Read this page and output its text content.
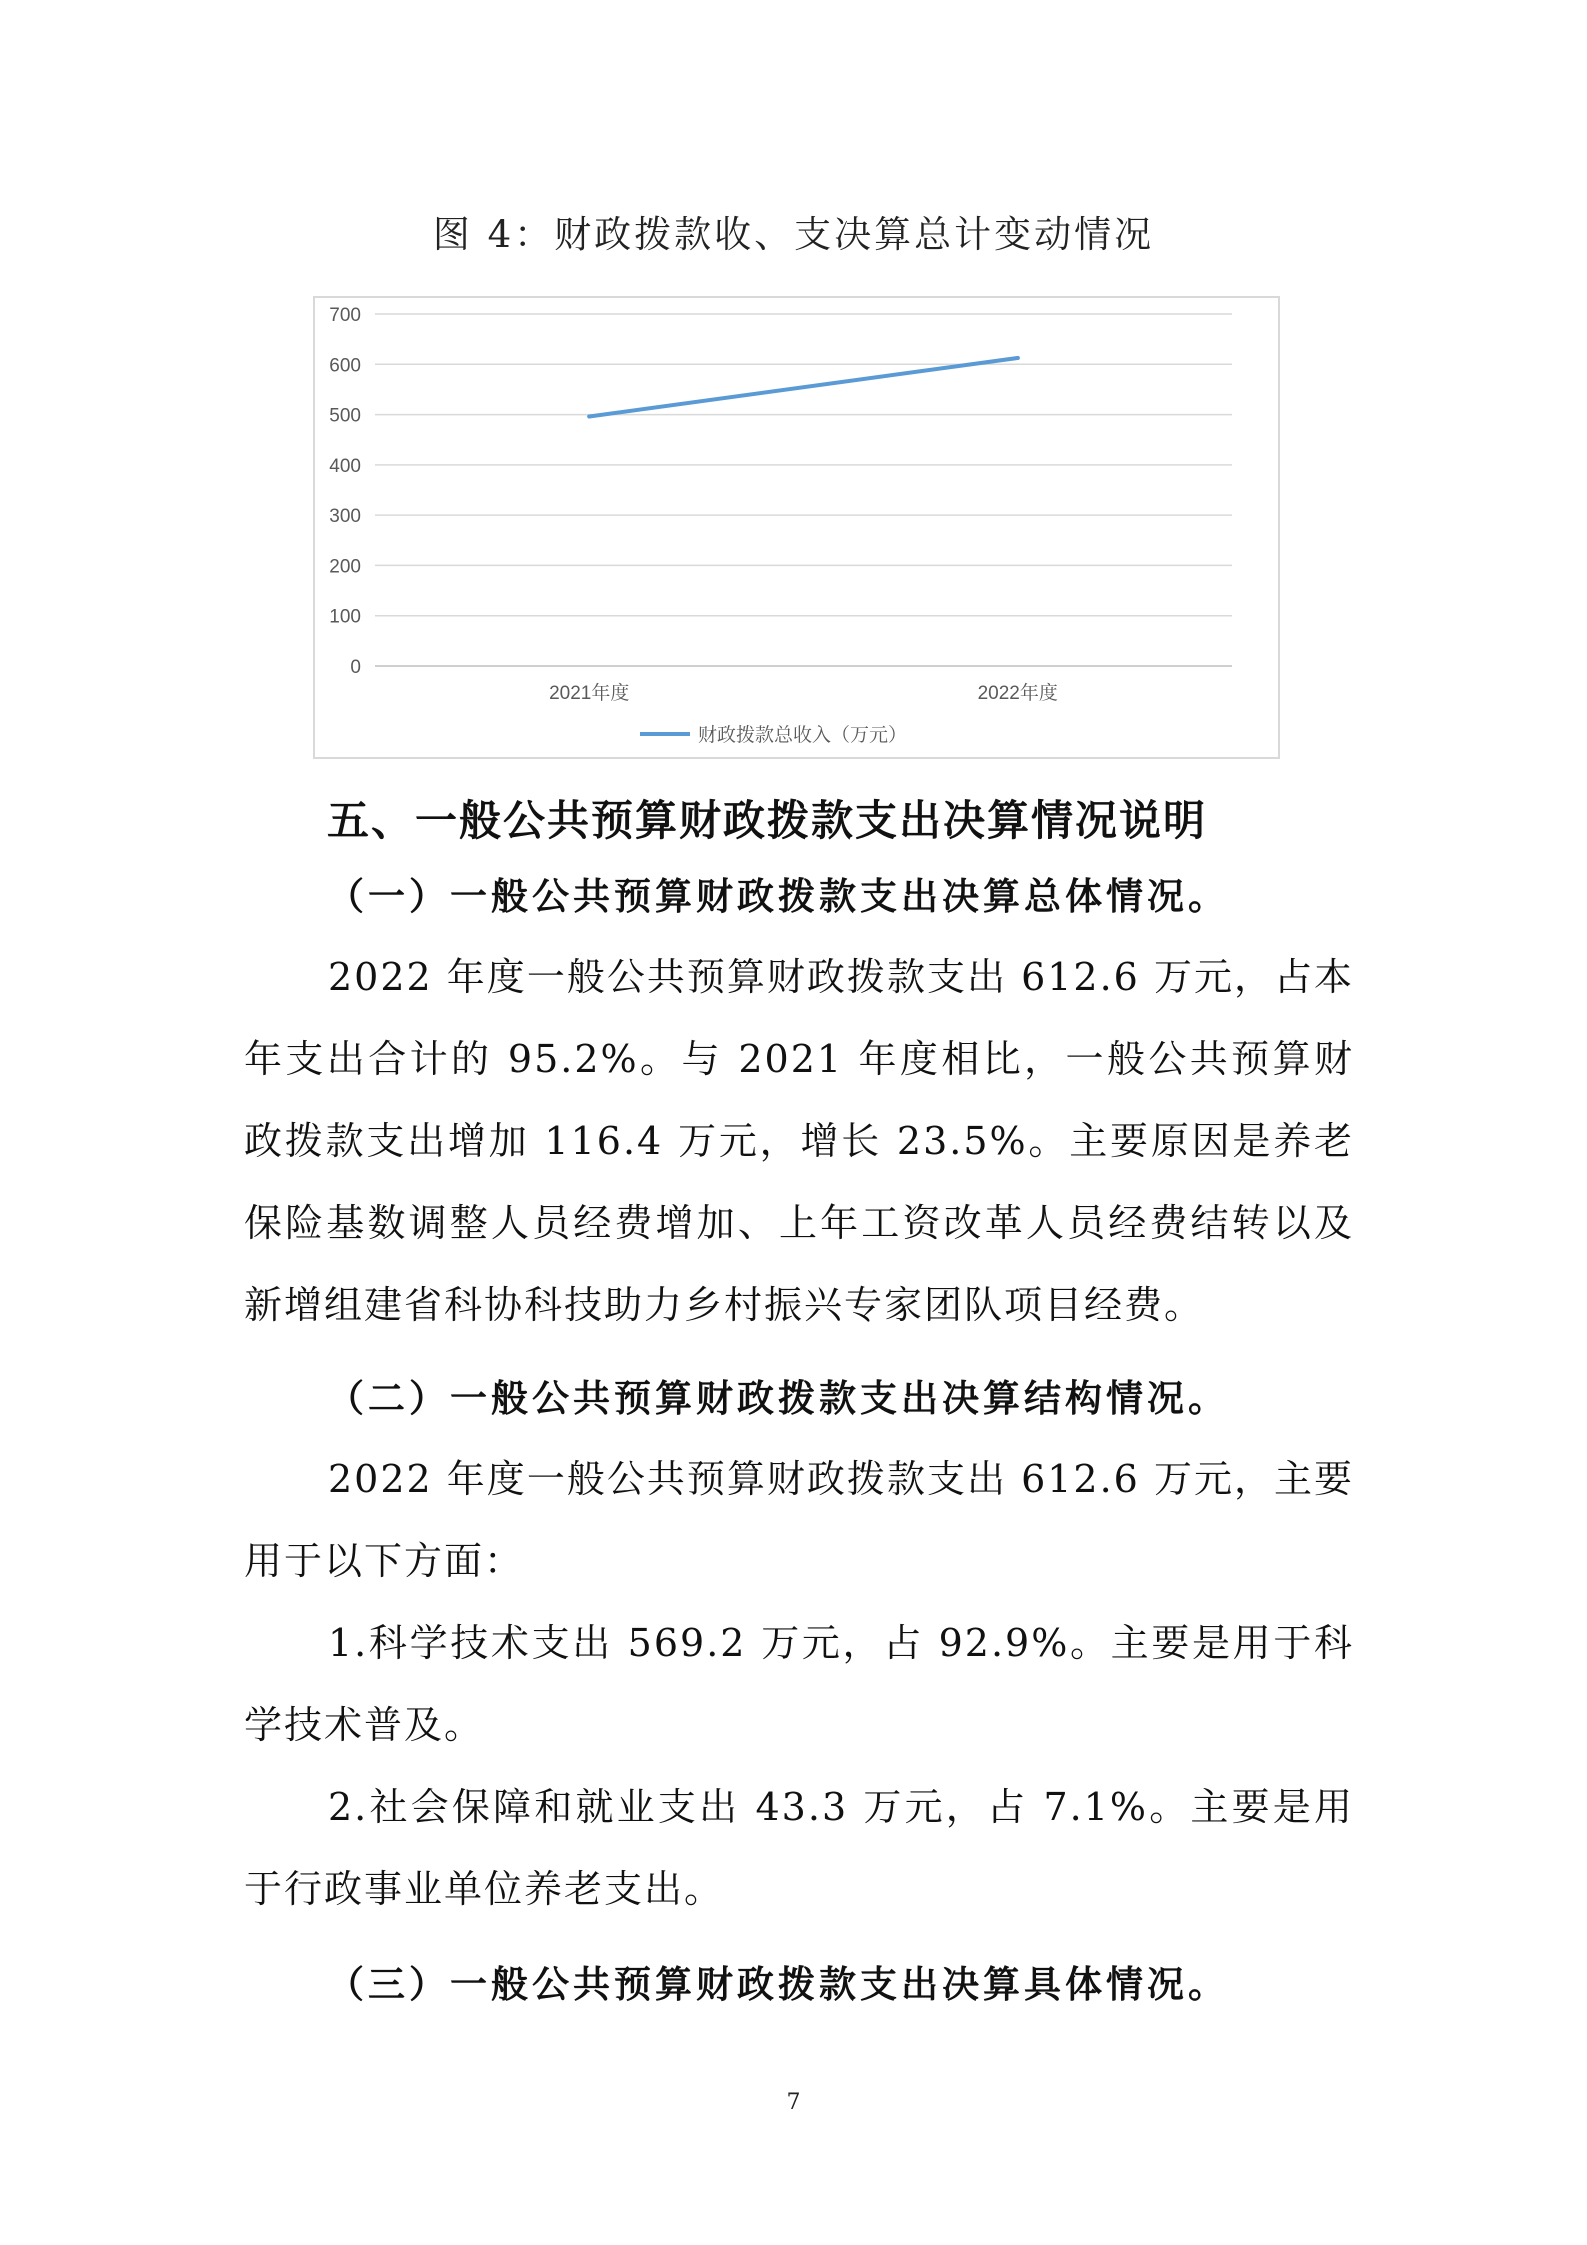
图 4：财政拨款收、支决算总计变动情况
0
100
200
300
400
500
600
700
2021年度	2022年度
财政拨款总收入（万元）
五、一般公共预算财政拨款支出决算情况说明
（一）一般公共预算财政拨款支出决算总体情况。

2022 年度一般公共预算财政拨款支出 612.6 万元，占本年支出合计的 95.2%。与 2021 年度相比，一般公共预算财政拨款支出增加 116.4 万元，增长 23.5%。主要原因是养老保险基数调整人员经费增加、上年工资改革人员经费结转以及新增组建省科协科技助力乡村振兴专家团队项目经费。

（二）一般公共预算财政拨款支出决算结构情况。

2022 年度一般公共预算财政拨款支出 612.6 万元，主要用于以下方面：

1.科学技术支出 569.2 万元，占 92.9%。主要是用于科学技术普及。

2.社会保障和就业支出 43.3 万元，占 7.1%。主要是用于行政事业单位养老支出。

（三）一般公共预算财政拨款支出决算具体情况。
7
